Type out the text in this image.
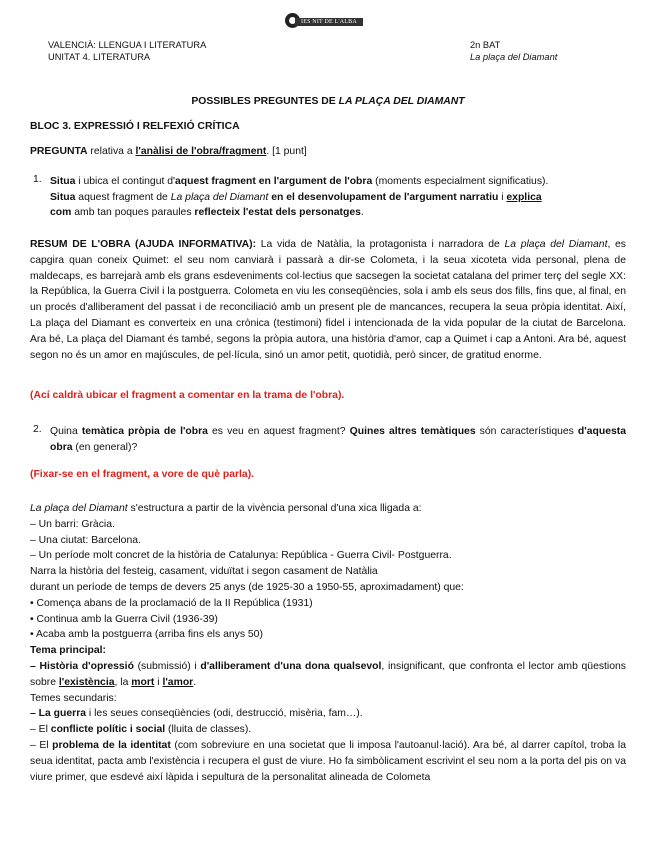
IES NIT DE L'ALBA
VALENCIÀ: LLENGUA I LITERATURA
UNITAT 4. LITERATURA
2n BAT
La plaça del Diamant

POSSIBLES PREGUNTES DE LA PLAÇA DEL DIAMANT

BLOC 3. EXPRESSIÓ I RELFEXIÓ CRÍTICA

PREGUNTA relativa a l'anàlisi de l'obra/fragment. [1 punt]

1. Situa i ubica el contingut d'aquest fragment en l'argument de l'obra (moments especialment significatius).
Situa aquest fragment de La plaça del Diamant en el desenvolupament de l'argument narratiu i explica
com amb tan poques paraules reflecteix l'estat dels personatges.

RESUM DE L'OBRA (AJUDA INFORMATIVA): La vida de Natàlia, la protagonista i narradora de La plaça del Diamant, es capgira quan coneix Quimet: el seu nom canviarà i passarà a dir-se Colometa, i la seua xicoteta vida personal, plena de maldecaps, es barrejarà amb els grans esdeveniments col·lectius que sacsegen la societat catalana del primer terç del segle XX: la República, la Guerra Civil i la postguerra. Colometa en viu les conseqüències, sola i amb els seus dos fills, fins que, al final, en un procés d'alliberament del passat i de reconciliació amb un present ple de mancances, recupera la seua pròpia identitat. Així, La plaça del Diamant es converteix en una crònica (testimoni) fidel i intencionada de la vida popular de la ciutat de Barcelona. Ara bé, La plaça del Diamant és també, segons la pròpia autora, una història d'amor, cap a Quimet i cap a Antoni. Ara bé, aquest segon no és un amor en majúscules, de pel·lícula, sinó un amor petit, quotidià, però sincer, de gratitud enorme.

(Ací caldrà ubicar el fragment a comentar en la trama de l'obra).

2. Quina temàtica pròpia de l'obra es veu en aquest fragment? Quines altres temàtiques són característiques d'aquesta obra (en general)?

(Fixar-se en el fragment, a vore de què parla).

La plaça del Diamant s'estructura a partir de la vivència personal d'una xica lligada a:

– Un barri: Gràcia.

– Una ciutat: Barcelona.

– Un període molt concret de la història de Catalunya: República - Guerra Civil- Postguerra.

Narra la història del festeig, casament, viduïtat i segon casament de Natàlia

durant un període de temps de devers 25 anys (de 1925-30 a 1950-55, aproximadament) que:

• Comença abans de la proclamació de la II República (1931)

• Continua amb la Guerra Civil (1936-39)

• Acaba amb la postguerra (arriba fins els anys 50)

Tema principal:

– Història d'opressió (submissió) i d'alliberament d'una dona qualsevol, insignificant, que confronta el lector amb qüestions sobre l'existència, la mort i l'amor.

Temes secundaris:

– La guerra i les seues conseqüències (odi, destrucció, misèria, fam…).

– El conflicte polític i social (lluita de classes).

– El problema de la identitat (com sobreviure en una societat que li imposa l'autoanul·lació). Ara bé, al darrer capítol, troba la seua identitat, pacta amb l'existència i recupera el gust de viure. Ho fa simbòlicament escrivint el seu nom a la porta del pis on va viure primer, que esdevé així làpida i sepultura de la personalitat alineada de Colometa
